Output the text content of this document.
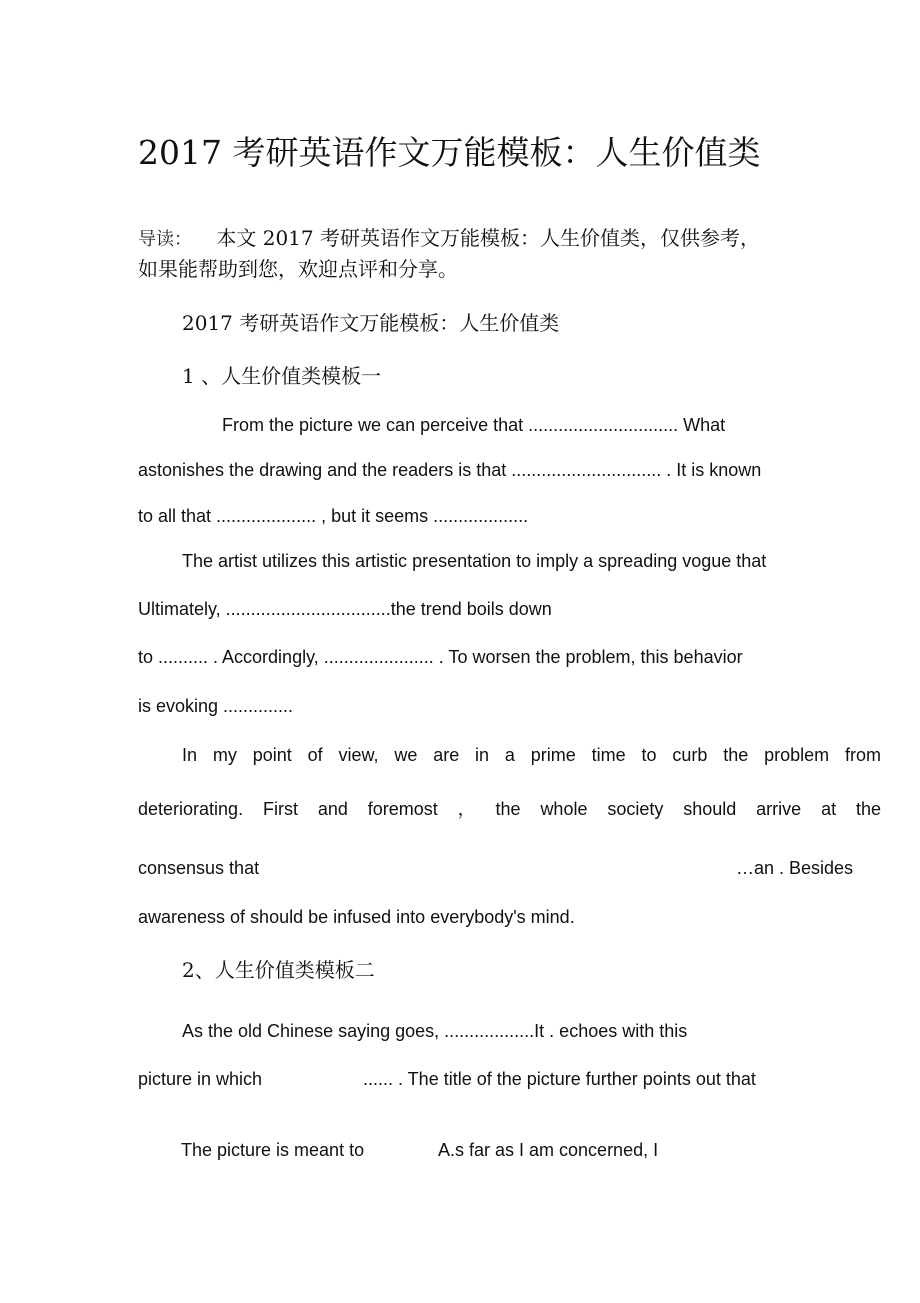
2017 考研英语作文万能模板：人生价值类
导读： 本文 2017 考研英语作文万能模板：人生价值类，仅供参考，
如果能帮助到您，欢迎点评和分享。
2017 考研英语作文万能模板：人生价值类
1 、人生价值类模板一
From the picture we can perceive that .............................. What
astonishes the drawing and the readers is that .............................. . It is known
to all that .................... , but it seems ...................
The artist utilizes this artistic presentation to imply a spreading vogue that
Ultimately, .................................the trend boils down
to .......... . Accordingly, ...................... . To worsen the problem, this behavior
is evoking ..............
In my point of view, we are in a prime time to curb the problem from
deteriorating. First and foremost ， the whole society should arrive at the
consensus that	…an . Besides
awareness of should be infused into everybody's mind.
2、人生价值类模板二
As the old Chinese saying goes, ..................It . echoes with this
picture in which	...... . The title of the picture further points out that
The picture is meant to	A.s far as I am concerned, I
